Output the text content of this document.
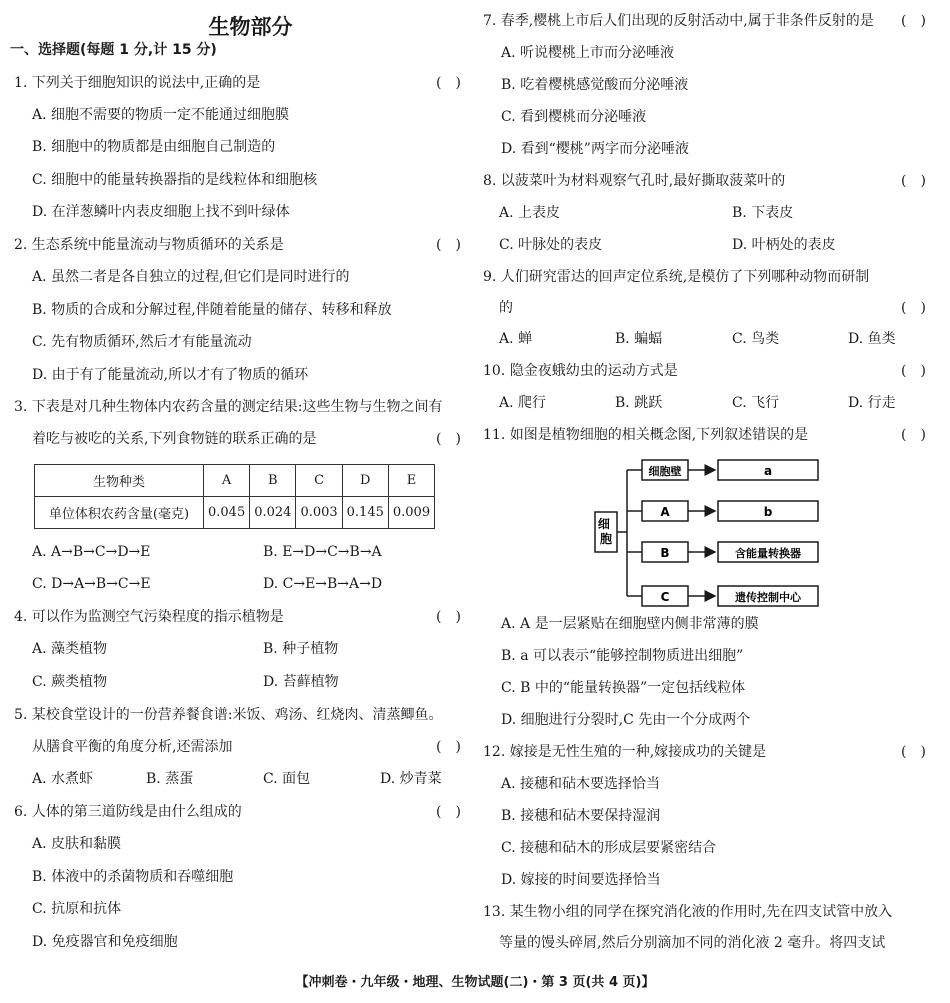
生物部分
一、选择题(每题 1 分,计 15 分)
1. 下列关于细胞知识的说法中,正确的是	(　)
A. 细胞不需要的物质一定不能通过细胞膜
B. 细胞中的物质都是由细胞自己制造的
C. 细胞中的能量转换器指的是线粒体和细胞核
D. 在洋葱鳞叶内表皮细胞上找不到叶绿体
2. 生态系统中能量流动与物质循环的关系是	(　)
A. 虽然二者是各自独立的过程,但它们是同时进行的
B. 物质的合成和分解过程,伴随着能量的储存、转移和释放
C. 先有物质循环,然后才有能量流动
D. 由于有了能量流动,所以才有了物质的循环
3. 下表是对几种生物体内农药含量的测定结果:这些生物与生物之间有
着吃与被吃的关系,下列食物链的联系正确的是	(　)
生物种类	A	B	C	D	E
单位体积农药含量(毫克)	0.045	0.024	0.003	0.145	0.009
A. A→B→C→D→E	B. E→D→C→B→A
C. D→A→B→C→E	D. C→E→B→A→D
4. 可以作为监测空气污染程度的指示植物是	(　)
A. 藻类植物	B. 种子植物
C. 蕨类植物	D. 苔藓植物
5. 某校食堂设计的一份营养餐食谱:米饭、鸡汤、红烧肉、清蒸鲫鱼。
从膳食平衡的角度分析,还需添加	(　)
A. 水煮虾	B. 蒸蛋	C. 面包	D. 炒青菜
6. 人体的第三道防线是由什么组成的	(　)
A. 皮肤和黏膜
B. 体液中的杀菌物质和吞噬细胞
C. 抗原和抗体
D. 免疫器官和免疫细胞
7. 春季,樱桃上市后人们出现的反射活动中,属于非条件反射的是 (　)
A. 听说樱桃上市而分泌唾液
B. 吃着樱桃感觉酸而分泌唾液
C. 看到樱桃而分泌唾液
D. 看到“樱桃”两字而分泌唾液
8. 以菠菜叶为材料观察气孔时,最好撕取菠菜叶的	(　)
A. 上表皮	B. 下表皮
C. 叶脉处的表皮	D. 叶柄处的表皮
9. 人们研究雷达的回声定位系统,是模仿了下列哪种动物而研制
的	(　)
A. 蝉	B. 蝙蝠	C. 鸟类	D. 鱼类
10. 隐金夜蛾幼虫的运动方式是	(　)
A. 爬行	B. 跳跃	C. 飞行	D. 行走
11. 如图是植物细胞的相关概念图,下列叙述错误的是	(　)
A. A 是一层紧贴在细胞壁内侧非常薄的膜
B. a 可以表示“能够控制物质进出细胞”
C. B 中的“能量转换器”一定包括线粒体
D. 细胞进行分裂时,C 先由一个分成两个
12. 嫁接是无性生殖的一种,嫁接成功的关键是	(　)
A. 接穗和砧木要选择恰当
B. 接穗和砧木要保持湿润
C. 接穗和砧木的形成层要紧密结合
D. 嫁接的时间要选择恰当
13. 某生物小组的同学在探究消化液的作用时,先在四支试管中放入
等量的馒头碎屑,然后分别滴加不同的消化液 2 毫升。将四支试
细 胞
细胞壁	a
A	b
B	含能量转换器
C	遗传控制中心
【冲刺卷・九年级・地理、生物试题(二)・第 3 页(共 4 页)】
